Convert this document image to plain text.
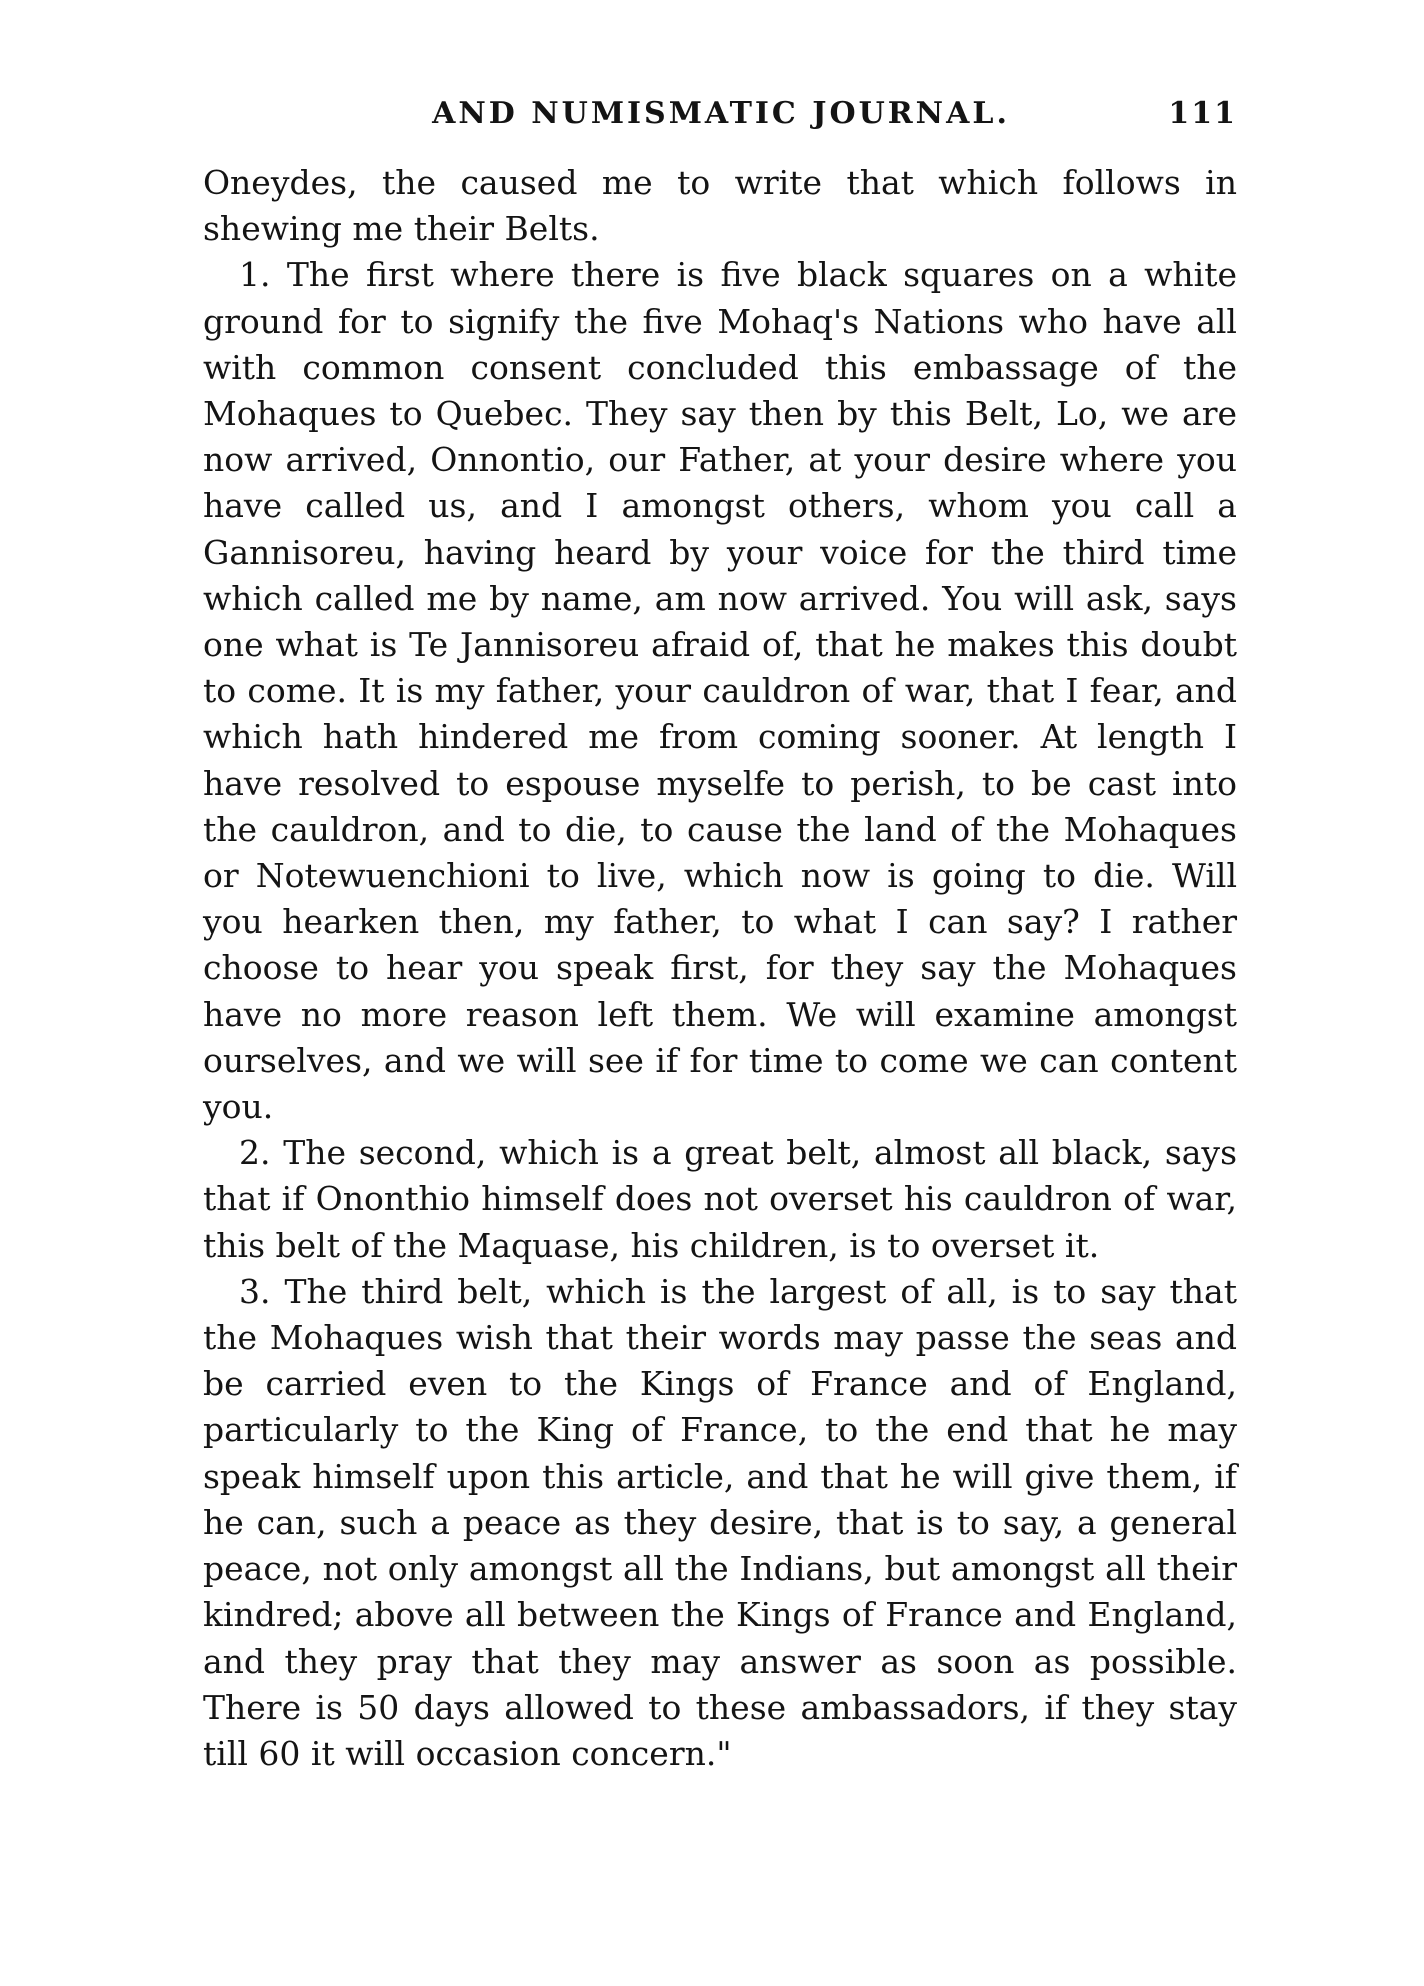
AND NUMISMATIC JOURNAL.	111

Oneydes, the caused me to write that which follows in shewing me their Belts.

1. The first where there is five black squares on a white ground for to signify the five Mohaq's Nations who have all with common consent concluded this embassage of the Mohaques to Quebec. They say then by this Belt, Lo, we are now arrived, Onnontio, our Father, at your desire where you have called us, and I amongst others, whom you call a Gannisoreu, having heard by your voice for the third time which called me by name, am now arrived. You will ask, says one what is Te Jannisoreu afraid of, that he makes this doubt to come. It is my father, your cauldron of war, that I fear, and which hath hindered me from coming sooner. At length I have resolved to espouse myselfe to perish, to be cast into the cauldron, and to die, to cause the land of the Mohaques or Notewuenchioni to live, which now is going to die. Will you hearken then, my father, to what I can say? I rather choose to hear you speak first, for they say the Mohaques have no more reason left them. We will examine amongst ourselves, and we will see if for time to come we can content you.

2. The second, which is a great belt, almost all black, says that if Ononthio himself does not overset his cauldron of war, this belt of the Maquase, his children, is to overset it.

3. The third belt, which is the largest of all, is to say that the Mohaques wish that their words may passe the seas and be carried even to the Kings of France and of England, particularly to the King of France, to the end that he may speak himself upon this article, and that he will give them, if he can, such a peace as they desire, that is to say, a general peace, not only amongst all the Indians, but amongst all their kindred; above all between the Kings of France and England, and they pray that they may answer as soon as possible. There is 50 days allowed to these ambassadors, if they stay till 60 it will occasion concern."
